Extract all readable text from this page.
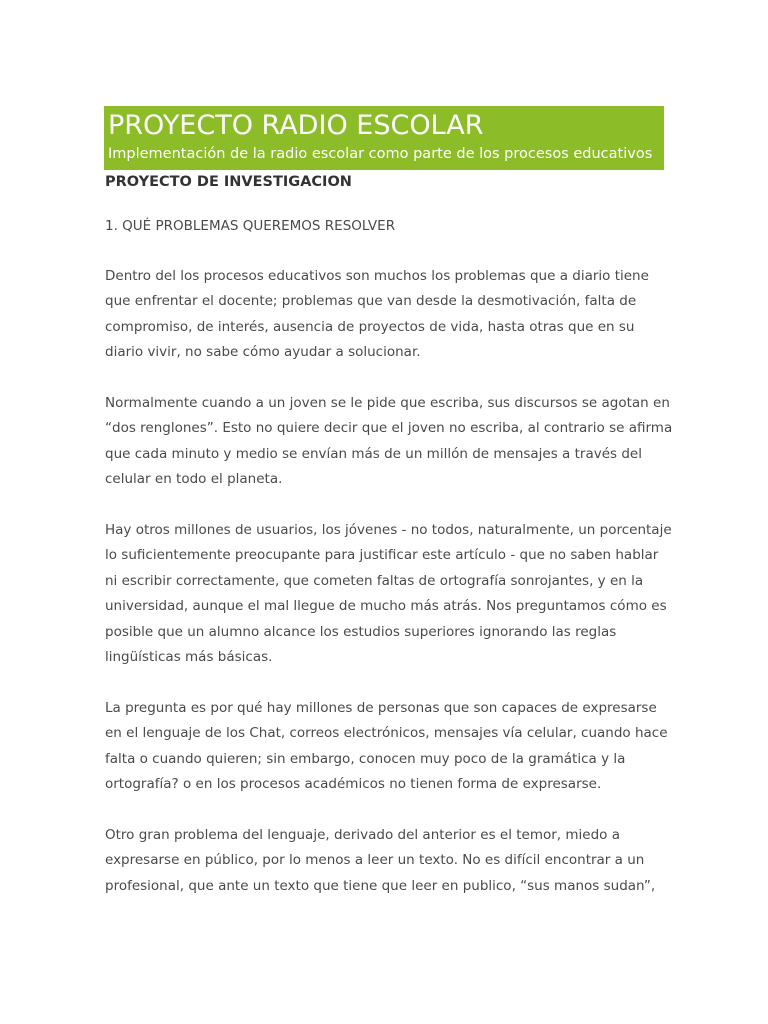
PROYECTO RADIO ESCOLAR
Implementación de la radio escolar como parte de los procesos educativos
PROYECTO DE INVESTIGACION

1. QUÉ PROBLEMAS QUEREMOS RESOLVER

Dentro del los procesos educativos son muchos los problemas que a diario tiene que enfrentar el docente; problemas que van desde la desmotivación, falta de compromiso, de interés, ausencia de proyectos de vida, hasta otras que en su diario vivir, no sabe cómo ayudar a solucionar.

Normalmente cuando a un joven se le pide que escriba, sus discursos se agotan en “dos renglones”. Esto no quiere decir que el joven no escriba, al contrario se afirma que cada minuto y medio se envían más de un millón de mensajes a través del celular en todo el planeta.

Hay otros millones de usuarios, los jóvenes - no todos, naturalmente, un porcentaje lo suficientemente preocupante para justificar este artículo - que no saben hablar ni escribir correctamente, que cometen faltas de ortografía sonrojantes, y en la universidad, aunque el mal llegue de mucho más atrás. Nos preguntamos cómo es posible que un alumno alcance los estudios superiores ignorando las reglas lingüísticas más básicas.

La pregunta es por qué hay millones de personas que son capaces de expresarse en el lenguaje de los Chat, correos electrónicos, mensajes vía celular, cuando hace falta o cuando quieren; sin embargo, conocen muy poco de la gramática y la ortografía? o en los procesos académicos no tienen forma de expresarse.

Otro gran problema del lenguaje, derivado del anterior es el temor, miedo a expresarse en público, por lo menos a leer un texto. No es difícil encontrar a un profesional, que ante un texto que tiene que leer en publico, “sus manos sudan”,
